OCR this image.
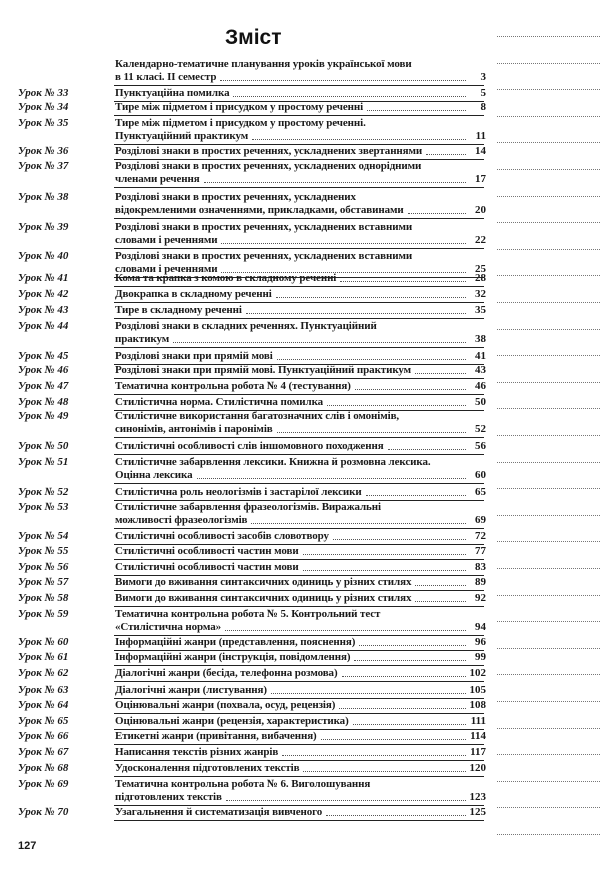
Зміст
Календарно-тематичне планування уроків української мови
в 11 класі. II семестр	3
Урок № 33	Пунктуаційна помилка	5
Урок № 34	Тире між підметом і присудком у простому реченні	8
Урок № 35	Тире між підметом і присудком у простому реченні.
Пунктуаційний практикум	11
Урок № 36	Розділові знаки в простих реченнях, ускладнених звертаннями	14
Урок № 37	Розділові знаки в простих реченнях, ускладнених однорідними
членами речення	17
Урок № 38	Розділові знаки в простих реченнях, ускладнених
відокремленими означеннями, прикладками, обставинами	20
Урок № 39	Розділові знаки в простих реченнях, ускладнених вставними
словами і реченнями	22
Урок № 40	Розділові знаки в простих реченнях, ускладнених вставними
словами і реченнями	25
Урок № 41	Кома та крапка з комою в складному реченні	28
Урок № 42	Двокрапка в складному реченні	32
Урок № 43	Тире в складному реченні	35
Урок № 44	Розділові знаки в складних реченнях. Пунктуаційний
практикум	38
Урок № 45	Розділові знаки при прямій мові	41
Урок № 46	Розділові знаки при прямій мові. Пунктуаційний практикум	43
Урок № 47	Тематична контрольна робота № 4 (тестування)	46
Урок № 48	Стилістична норма. Стилістична помилка	50
Урок № 49	Стилістичне використання багатозначних слів і омонімів,
синонімів, антонімів і паронімів	52
Урок № 50	Стилістичні особливості слів іншомовного походження	56
Урок № 51	Стилістичне забарвлення лексики. Книжна й розмовна лексика.
Оцінна лексика	60
Урок № 52	Стилістична роль неологізмів і застарілої лексики	65
Урок № 53	Стилістичне забарвлення фразеологізмів. Виражальні
можливості фразеологізмів	69
Урок № 54	Стилістичні особливості засобів словотвору	72
Урок № 55	Стилістичні особливості частин мови	77
Урок № 56	Стилістичні особливості частин мови	83
Урок № 57	Вимоги до вживання синтаксичних одиниць у різних стилях	89
Урок № 58	Вимоги до вживання синтаксичних одиниць у різних стилях	92
Урок № 59	Тематична контрольна робота № 5. Контрольний тест
«Стилістична норма»	94
Урок № 60	Інформаційні жанри (представлення, пояснення)	96
Урок № 61	Інформаційні жанри (інструкція, повідомлення)	99
Урок № 62	Діалогічні жанри (бесіда, телефонна розмова)	102
Урок № 63	Діалогічні жанри (листування)	105
Урок № 64	Оцінювальні жанри (похвала, осуд, рецензія)	108
Урок № 65	Оцінювальні жанри (рецензія, характеристика)	111
Урок № 66	Етикетні жанри (привітання, вибачення)	114
Урок № 67	Написання текстів різних жанрів	117
Урок № 68	Удосконалення підготовлених текстів	120
Урок № 69	Тематична контрольна робота № 6. Виголошування
підготовлених текстів	123
Урок № 70	Узагальнення й систематизація вивченого	125
127
